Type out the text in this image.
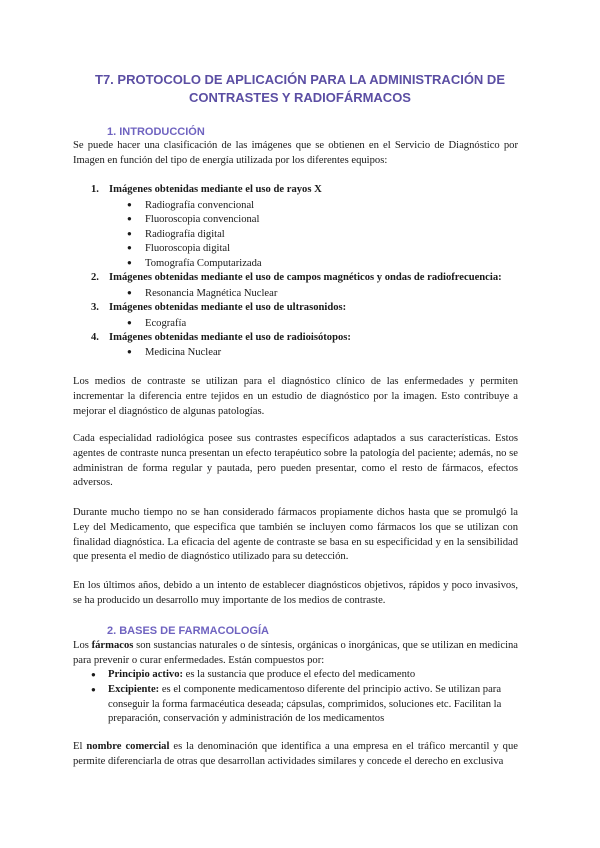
T7. PROTOCOLO DE APLICACIÓN PARA LA ADMINISTRACIÓN DE
CONTRASTES Y RADIOFÁRMACOS
1. INTRODUCCIÓN

Se puede hacer una clasificación de las imágenes que se obtienen en el Servicio de Diagnóstico por Imagen en función del tipo de energía utilizada por los diferentes equipos:

1. Imágenes obtenidas mediante el uso de rayos X
● Radiografía convencional
● Fluoroscopia convencional
● Radiografía digital
● Fluoroscopia digital
● Tomografía Computarizada
2. Imágenes obtenidas mediante el uso de campos magnéticos y ondas de radiofrecuencia:
● Resonancia Magnética Nuclear
3. Imágenes obtenidas mediante el uso de ultrasonidos:
● Ecografía
4. Imágenes obtenidas mediante el uso de radioisótopos:
● Medicina Nuclear

Los medios de contraste se utilizan para el diagnóstico clínico de las enfermedades y permiten incrementar la diferencia entre tejidos en un estudio de diagnóstico por la imagen. Esto contribuye a mejorar el diagnóstico de algunas patologías.

Cada especialidad radiológica posee sus contrastes específicos adaptados a sus características. Estos agentes de contraste nunca presentan un efecto terapéutico sobre la patología del paciente; además, no se administran de forma regular y pautada, pero pueden presentar, como el resto de fármacos, efectos adversos.

Durante mucho tiempo no se han considerado fármacos propiamente dichos hasta que se promulgó la Ley del Medicamento, que especifica que también se incluyen como fármacos los que se utilizan con finalidad diagnóstica. La eficacia del agente de contraste se basa en su especificidad y en la sensibilidad que presenta el medio de diagnóstico utilizado para su detección.

En los últimos años, debido a un intento de establecer diagnósticos objetivos, rápidos y poco invasivos, se ha producido un desarrollo muy importante de los medios de contraste.

2. BASES DE FARMACOLOGÍA

Los fármacos son sustancias naturales o de síntesis, orgánicas o inorgánicas, que se utilizan en medicina para prevenir o curar enfermedades. Están compuestos por:

● Principio activo: es la sustancia que produce el efecto del medicamento
● Excipiente: es el componente medicamentoso diferente del principio activo. Se utilizan para conseguir la forma farmacéutica deseada; cápsulas, comprimidos, soluciones etc. Facilitan la preparación, conservación y administración de los medicamentos

El nombre comercial es la denominación que identifica a una empresa en el tráfico mercantil y que permite diferenciarla de otras que desarrollan actividades similares y concede el derecho en exclusiva
